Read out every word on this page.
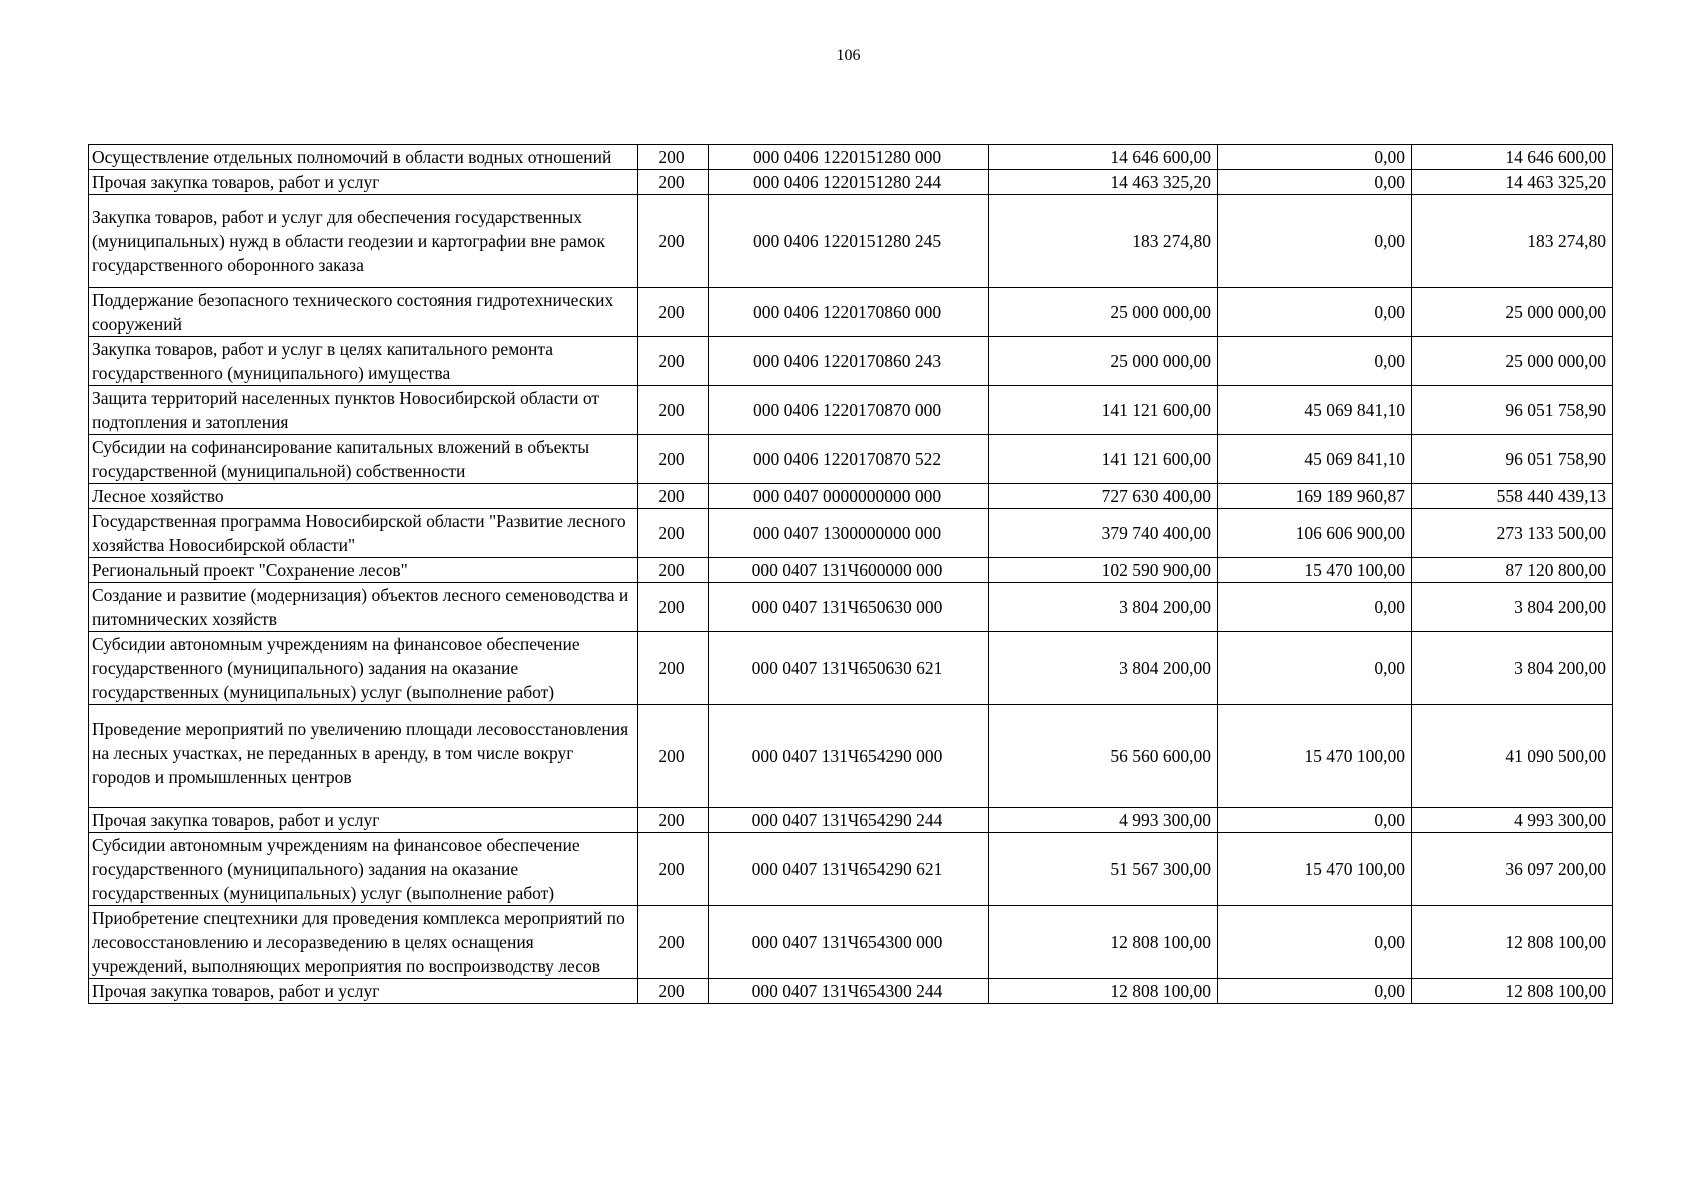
106
Осуществление отдельных полномочий в области водных отношений	200	000 0406 1220151280 000	14 646 600,00	0,00	14 646 600,00
Прочая закупка товаров, работ и услуг	200	000 0406 1220151280 244	14 463 325,20	0,00	14 463 325,20
Закупка товаров, работ и услуг для обеспечения государственных (муниципальных) нужд в области геодезии и картографии вне рамок государственного оборонного заказа	200	000 0406 1220151280 245	183 274,80	0,00	183 274,80
Поддержание безопасного технического состояния гидротехнических сооружений	200	000 0406 1220170860 000	25 000 000,00	0,00	25 000 000,00
Закупка товаров, работ и услуг в целях капитального ремонта государственного (муниципального) имущества	200	000 0406 1220170860 243	25 000 000,00	0,00	25 000 000,00
Защита территорий населенных пунктов Новосибирской области от подтопления и затопления	200	000 0406 1220170870 000	141 121 600,00	45 069 841,10	96 051 758,90
Субсидии на софинансирование капитальных вложений в объекты государственной (муниципальной) собственности	200	000 0406 1220170870 522	141 121 600,00	45 069 841,10	96 051 758,90
Лесное хозяйство	200	000 0407 0000000000 000	727 630 400,00	169 189 960,87	558 440 439,13
Государственная программа Новосибирской области "Развитие лесного хозяйства Новосибирской области"	200	000 0407 1300000000 000	379 740 400,00	106 606 900,00	273 133 500,00
Региональный проект "Сохранение лесов"	200	000 0407 131Ч600000 000	102 590 900,00	15 470 100,00	87 120 800,00
Создание и развитие (модернизация) объектов лесного семеноводства и питомнических хозяйств	200	000 0407 131Ч650630 000	3 804 200,00	0,00	3 804 200,00
Субсидии автономным учреждениям на финансовое обеспечение государственного (муниципального) задания на оказание государственных (муниципальных) услуг (выполнение работ)	200	000 0407 131Ч650630 621	3 804 200,00	0,00	3 804 200,00
Проведение мероприятий по увеличению площади лесовосстановления на лесных участках, не переданных в аренду, в том числе вокруг городов и промышленных центров	200	000 0407 131Ч654290 000	56 560 600,00	15 470 100,00	41 090 500,00
Прочая закупка товаров, работ и услуг	200	000 0407 131Ч654290 244	4 993 300,00	0,00	4 993 300,00
Субсидии автономным учреждениям на финансовое обеспечение государственного (муниципального) задания на оказание государственных (муниципальных) услуг (выполнение работ)	200	000 0407 131Ч654290 621	51 567 300,00	15 470 100,00	36 097 200,00
Приобретение спецтехники для проведения комплекса мероприятий по лесовосстановлению и лесоразведению в целях оснащения учреждений, выполняющих мероприятия по воспроизводству лесов	200	000 0407 131Ч654300 000	12 808 100,00	0,00	12 808 100,00
Прочая закупка товаров, работ и услуг	200	000 0407 131Ч654300 244	12 808 100,00	0,00	12 808 100,00
